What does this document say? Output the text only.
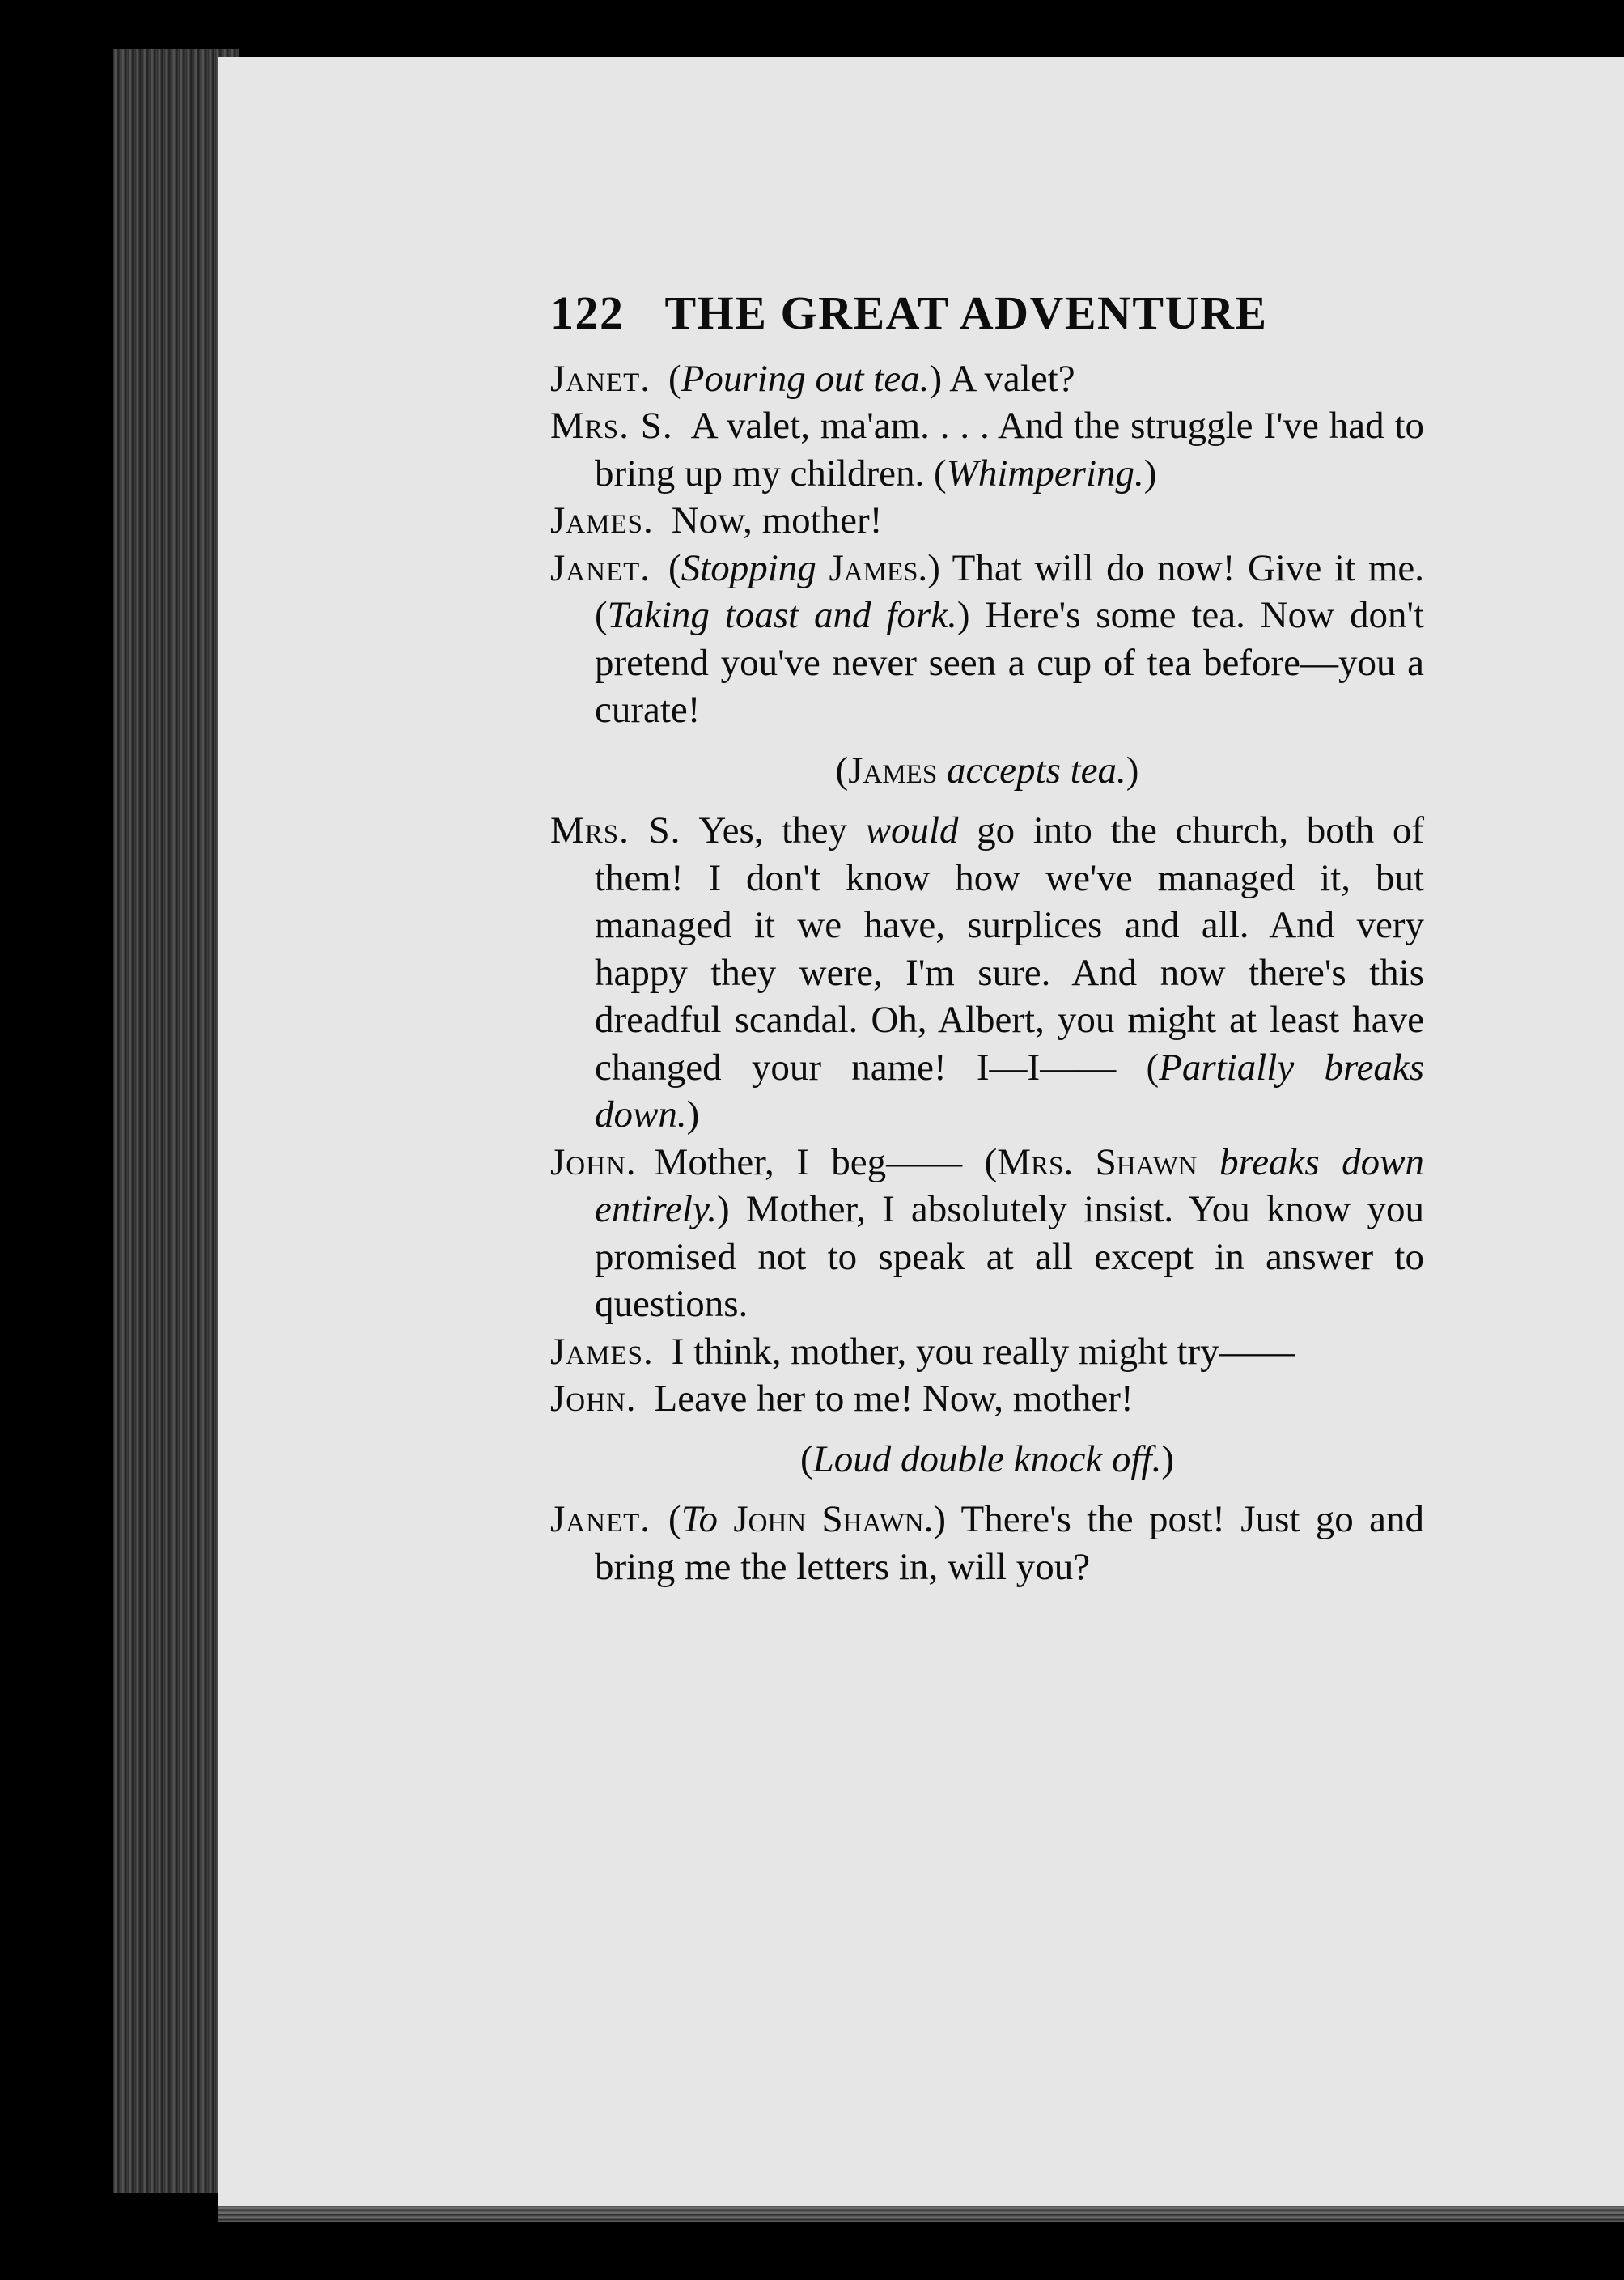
122 THE GREAT ADVENTURE

Janet. (Pouring out tea.) A valet?

Mrs. S. A valet, ma'am. . . . And the struggle I've had to bring up my children. (Whimpering.)

James. Now, mother!

Janet. (Stopping James.) That will do now! Give it me. (Taking toast and fork.) Here's some tea. Now don't pretend you've never seen a cup of tea before—you a curate!

(James accepts tea.)

Mrs. S. Yes, they would go into the church, both of them! I don't know how we've managed it, but managed it we have, surplices and all. And very happy they were, I'm sure. And now there's this dreadful scandal. Oh, Albert, you might at least have changed your name! I—I—— (Partially breaks down.)

John. Mother, I beg—— (Mrs. Shawn breaks down entirely.) Mother, I absolutely insist. You know you promised not to speak at all except in answer to questions.

James. I think, mother, you really might try——

John. Leave her to me! Now, mother!

(Loud double knock off.)

Janet. (To John Shawn.) There's the post! Just go and bring me the letters in, will you?
